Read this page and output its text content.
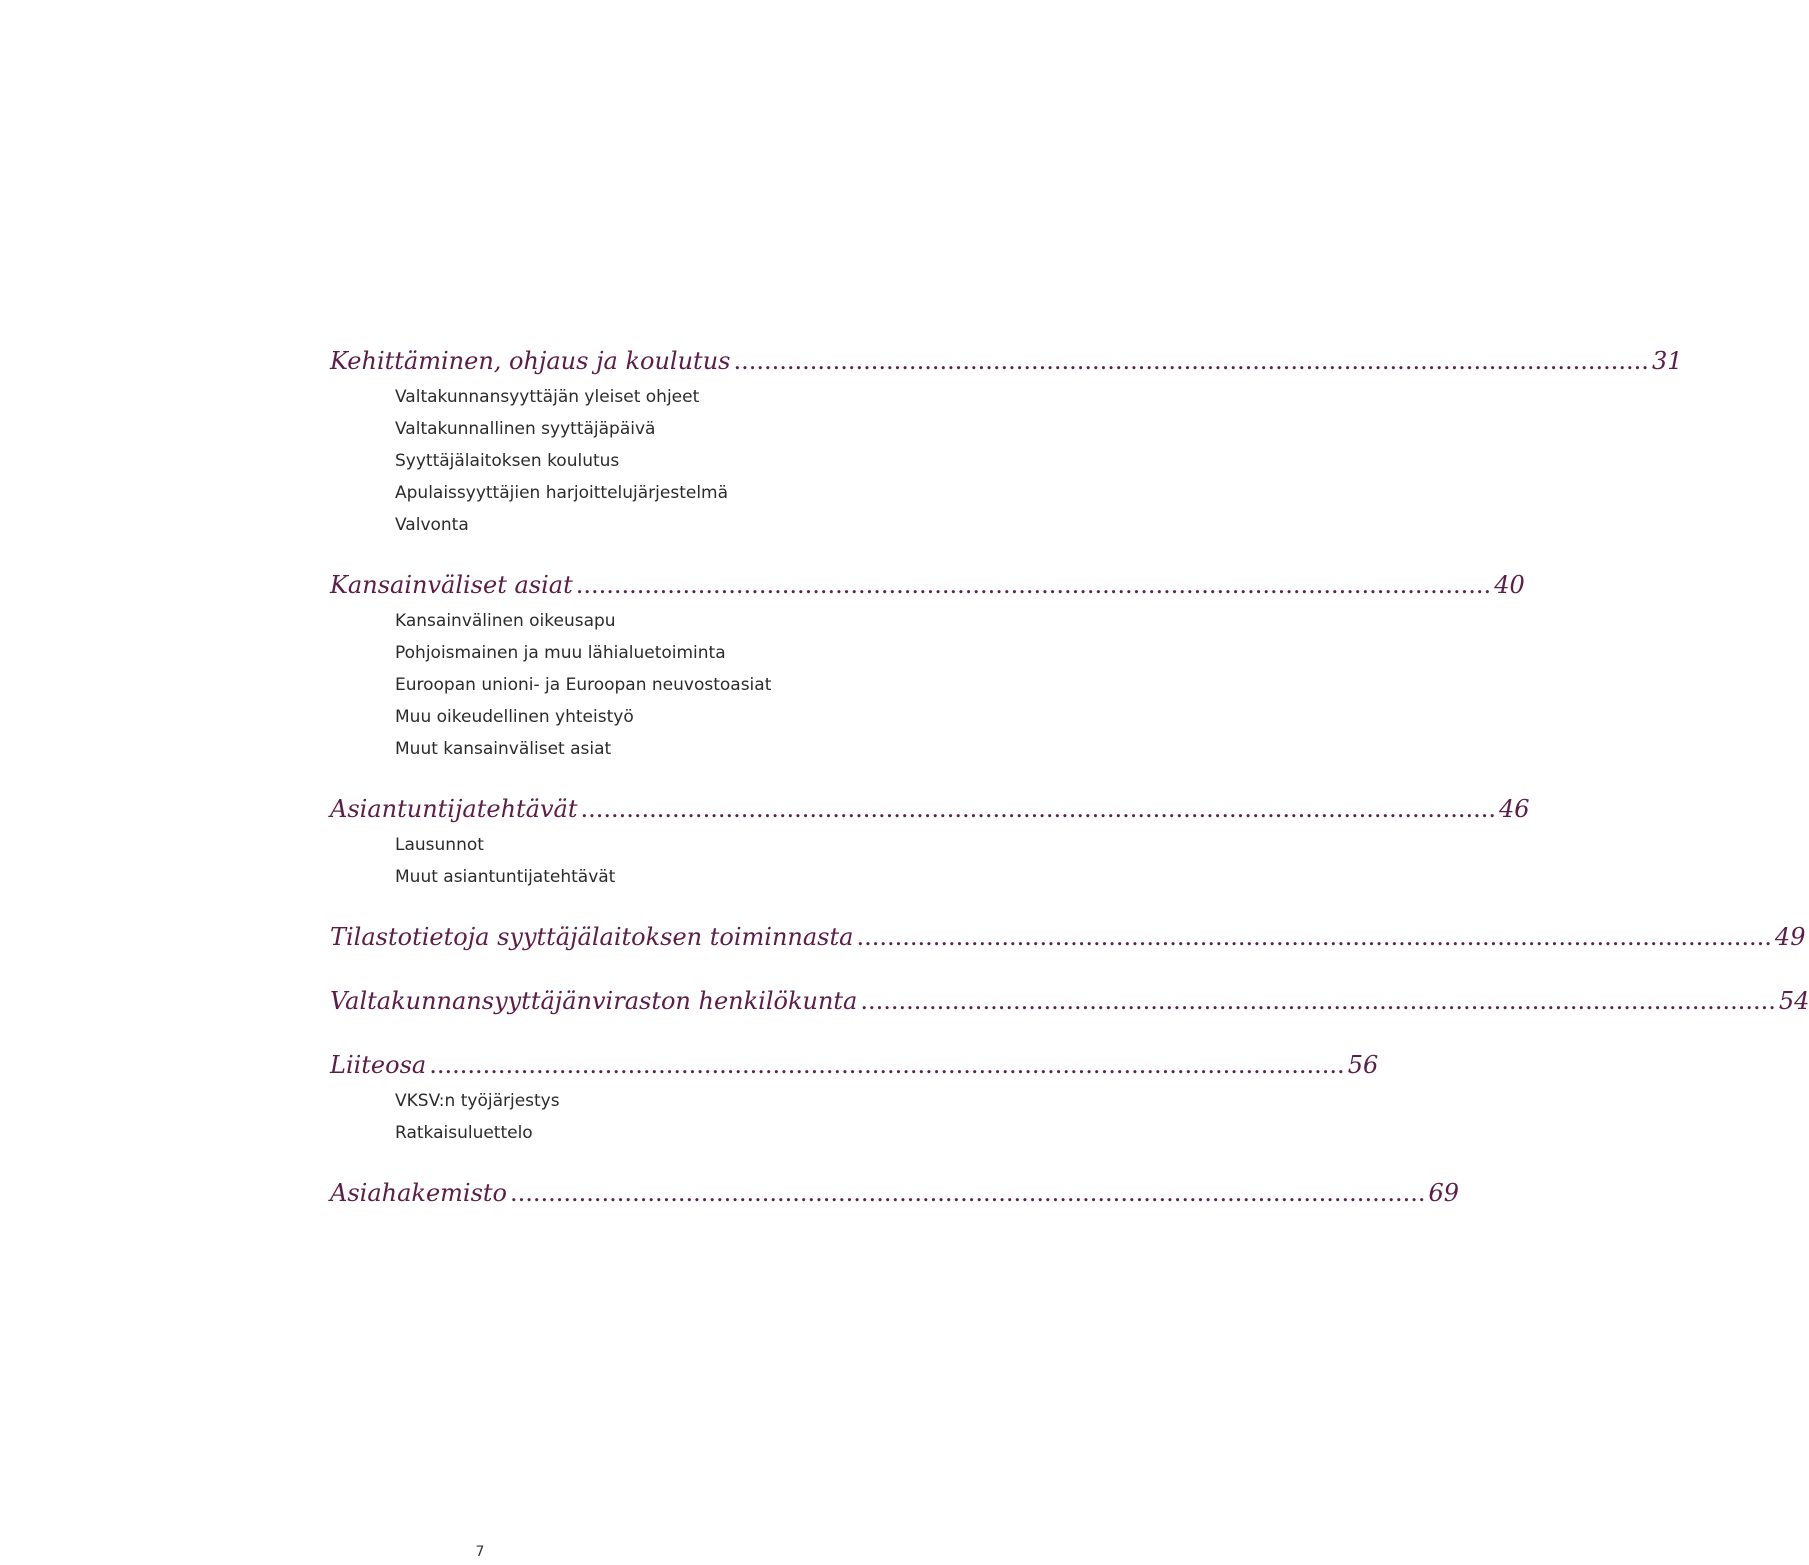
Kehittäminen, ohjaus ja koulutus ........................................................................................................................ 31
Valtakunnansyyttäjän yleiset ohjeet
Valtakunnallinen syyttäjäpäivä
Syyttäjälaitoksen koulutus
Apulaissyyttäjien harjoittelujärjestelmä
Valvonta
Kansainväliset asiat ........................................................................................................................ 40
Kansainvälinen oikeusapu
Pohjoismainen ja muu lähialuetoiminta
Euroopan unioni- ja Euroopan neuvostoasiat
Muu oikeudellinen yhteistyö
Muut kansainväliset asiat
Asiantuntijatehtävät ........................................................................................................................ 46
Lausunnot
Muut asiantuntijatehtävät
Tilastotietoja syyttäjälaitoksen toiminnasta ........................................................................................................................ 49
Valtakunnansyyttäjänviraston henkilökunta ........................................................................................................................ 54
Liiteosa ........................................................................................................................ 56
VKSV:n työjärjestys
Ratkaisuluettelo
Asiahakemisto ........................................................................................................................ 69
7
